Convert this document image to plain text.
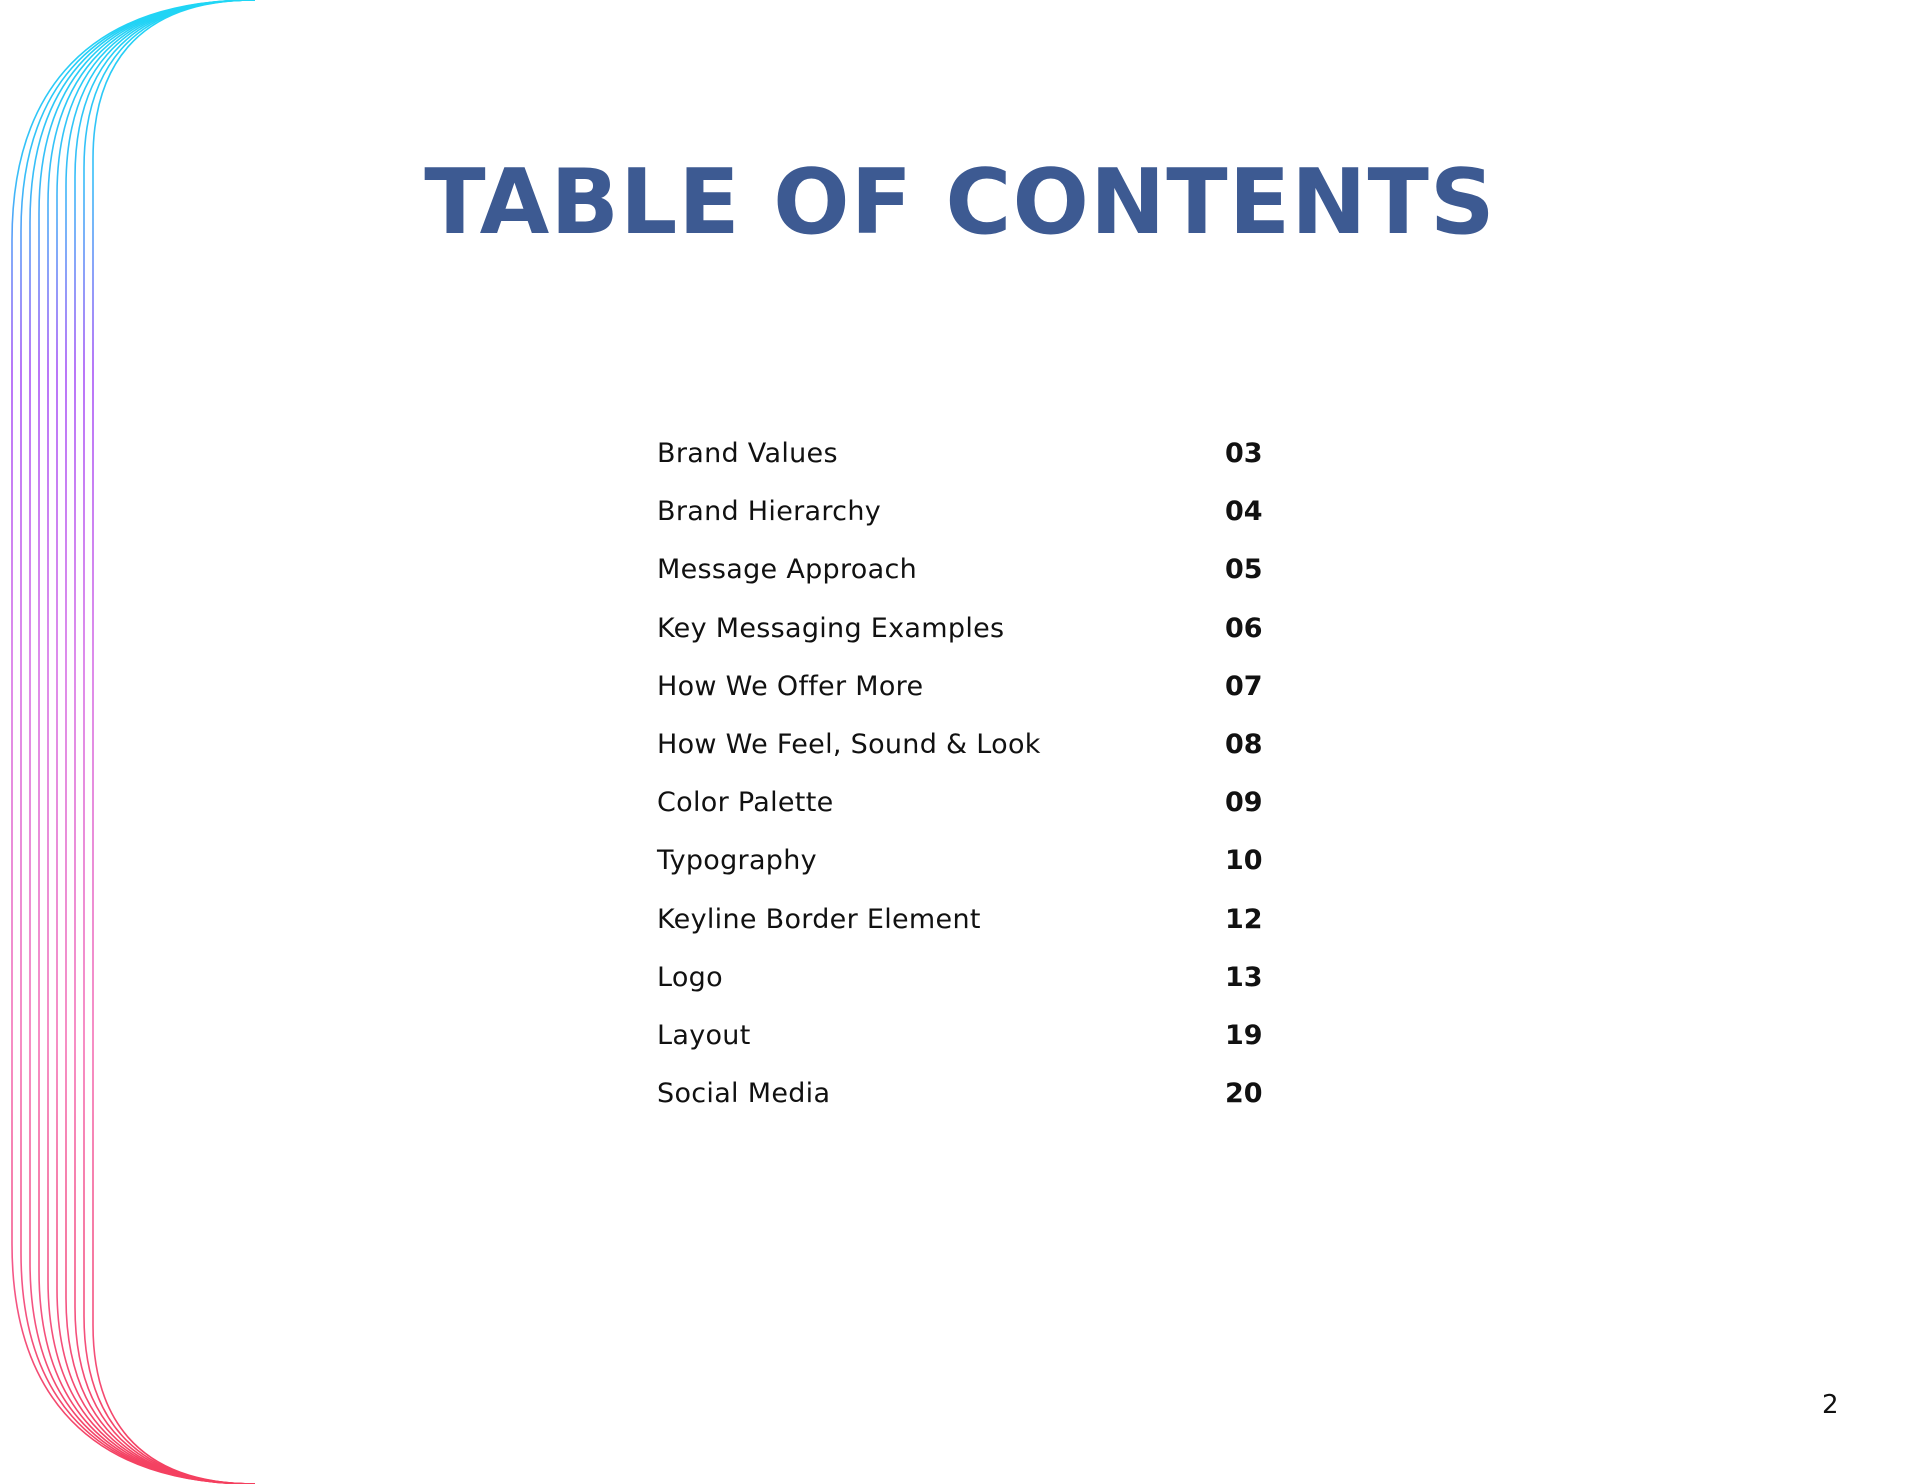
TABLE OF CONTENTS
Brand Values	03
Brand Hierarchy	04
Message Approach	05
Key Messaging Examples	06
How We Offer More	07
How We Feel, Sound & Look	08
Color Palette	09
Typography	10
Keyline Border Element	12
Logo	13
Layout	19
Social Media	20
2
